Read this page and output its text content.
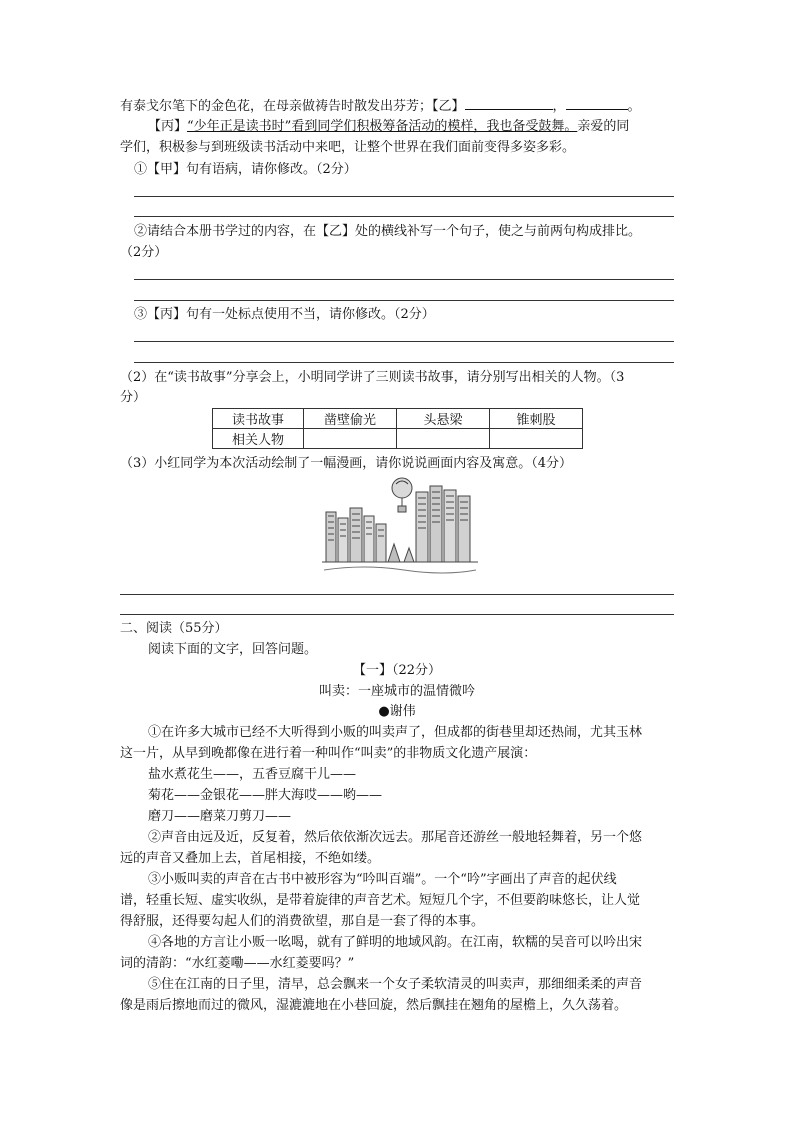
有泰戈尔笔下的金色花，在母亲做祷告时散发出芬芳；【乙】	，	。
【丙】“少年正是读书时”看到同学们积极筹备活动的模样，我也备受鼓舞。亲爱的同
学们，积极参与到班级读书活动中来吧，让整个世界在我们面前变得多姿多彩。
①【甲】句有语病，请你修改。（2分）
②请结合本册书学过的内容，在【乙】处的横线补写一个句子，使之与前两句构成排比。
（2分）
③【丙】句有一处标点使用不当，请你修改。（2分）
（2）在“读书故事”分享会上，小明同学讲了三则读书故事，请分别写出相关的人物。（3
分）
读书故事	凿壁偷光	头悬梁	锥刺股
相关人物			
（3）小红同学为本次活动绘制了一幅漫画，请你说说画面内容及寓意。（4分）
二、阅读（55分）
阅读下面的文字，回答问题。
【一】（22分）
叫卖：一座城市的温情微吟
●谢伟
①在许多大城市已经不大听得到小贩的叫卖声了，但成都的街巷里却还热闹，尤其玉林
这一片，从早到晚都像在进行着一种叫作“叫卖”的非物质文化遗产展演：
盐水煮花生——，五香豆腐干儿——
菊花——金银花——胖大海哎——哟——
磨刀——磨菜刀剪刀——
②声音由远及近，反复着，然后依依渐次远去。那尾音还游丝一般地轻舞着，另一个悠
远的声音又叠加上去，首尾相接，不绝如缕。
③小贩叫卖的声音在古书中被形容为“吟叫百端”。一个“吟”字画出了声音的起伏线
谱，轻重长短、虚实收纵，是带着旋律的声音艺术。短短几个字，不但要韵味悠长，让人觉
得舒服，还得要勾起人们的消费欲望，那自是一套了得的本事。
④各地的方言让小贩一吆喝，就有了鲜明的地域风韵。在江南，软糯的吴音可以吟出宋
词的清韵：“水红菱嘞——水红菱要吗？”
⑤住在江南的日子里，清早，总会飘来一个女子柔软清灵的叫卖声，那细细柔柔的声音
像是雨后擦地而过的微风，湿漉漉地在小巷回旋，然后飘挂在翘角的屋檐上，久久荡着。
